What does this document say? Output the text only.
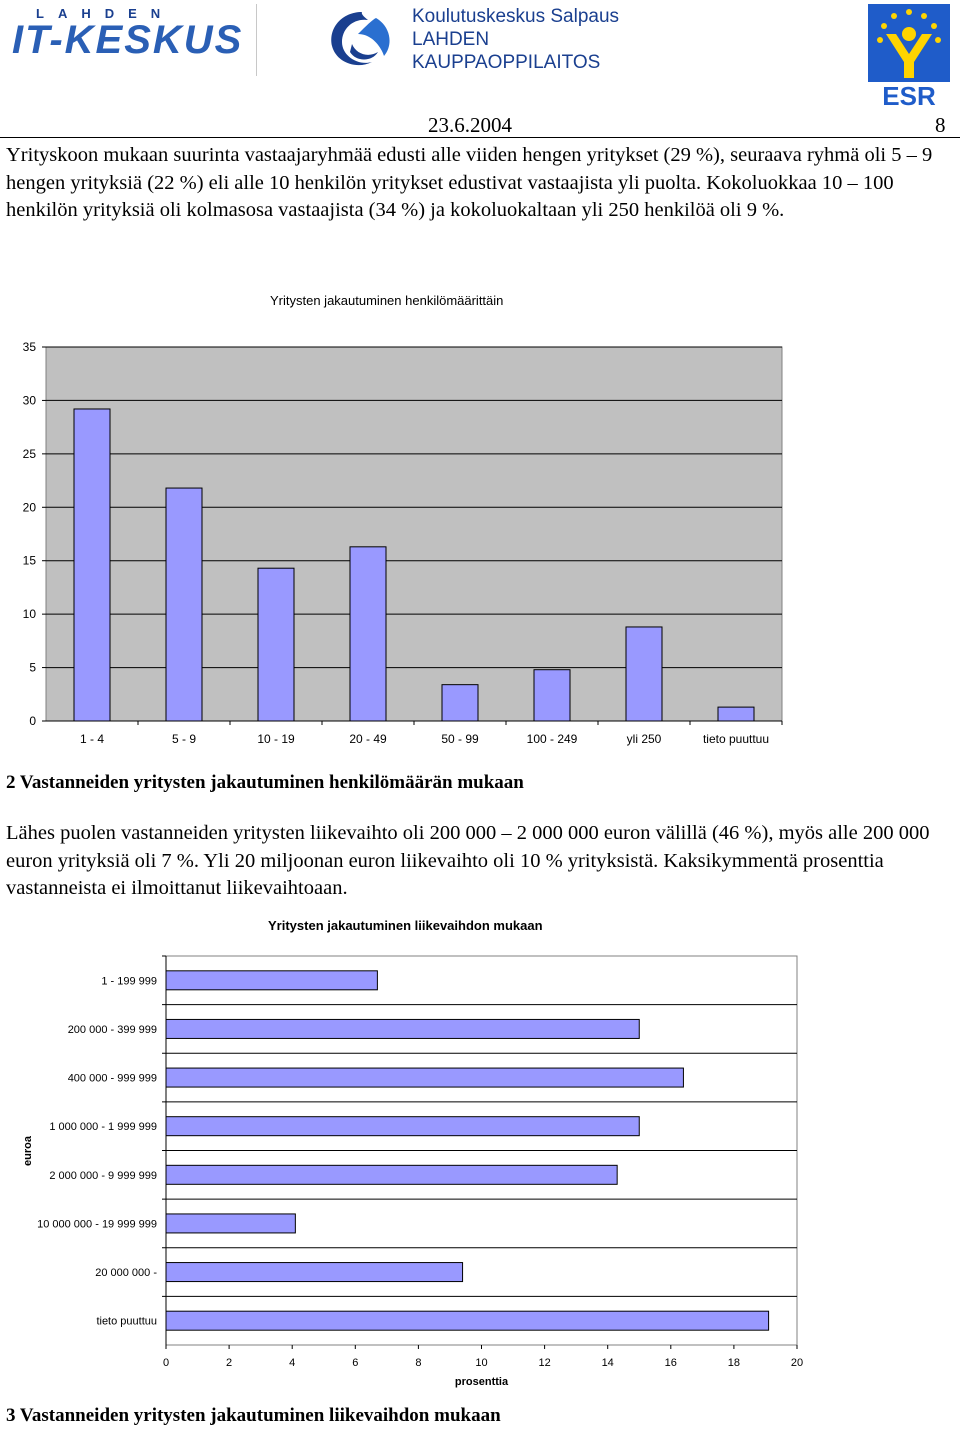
LAHDEN
IT-KESKUS
Koulutuskeskus Salpaus
LAHDEN
KAUPPAOPPILAITOS
ESR
23.6.2004	8
Yrityskoon mukaan suurinta vastaajaryhmää edusti alle viiden hengen yritykset (29 %), seuraava ryhmä oli 5 – 9 hengen yrityksiä (22 %) eli alle 10 henkilön yritykset edustivat vastaajista yli puolta. Kokoluokkaa 10 – 100 henkilön yrityksiä oli kolmasosa vastaajista (34 %) ja kokoluokaltaan yli 250 henkilöä oli 9 %.
Yritysten jakautuminen henkilömäärittäin
0
5
10
15
20
25
30
35
1 - 4	5 - 9	10 - 19	20 - 49	50 - 99	100 - 249	yli 250	tieto puuttuu
2 Vastanneiden yritysten jakautuminen henkilömäärän mukaan
Lähes puolen vastanneiden yritysten liikevaihto oli 200 000 – 2 000 000 euron välillä (46 %), myös alle 200 000 euron yrityksiä oli 7 %. Yli 20 miljoonan euron liikevaihto oli 10 % yrityksistä. Kaksikymmentä prosenttia vastanneista ei ilmoittanut liikevaihtoaan.
Yritysten jakautuminen liikevaihdon mukaan
1 - 199 999
200 000 - 399 999
400 000 - 999 999
1 000 000 - 1 999 999
2 000 000 - 9 999 999
10 000 000 - 19 999 999
20 000 000 -
tieto puuttuu
0	2	4	6	8	10	12	14	16	18	20
prosenttia
euroa
3 Vastanneiden yritysten jakautuminen liikevaihdon mukaan
